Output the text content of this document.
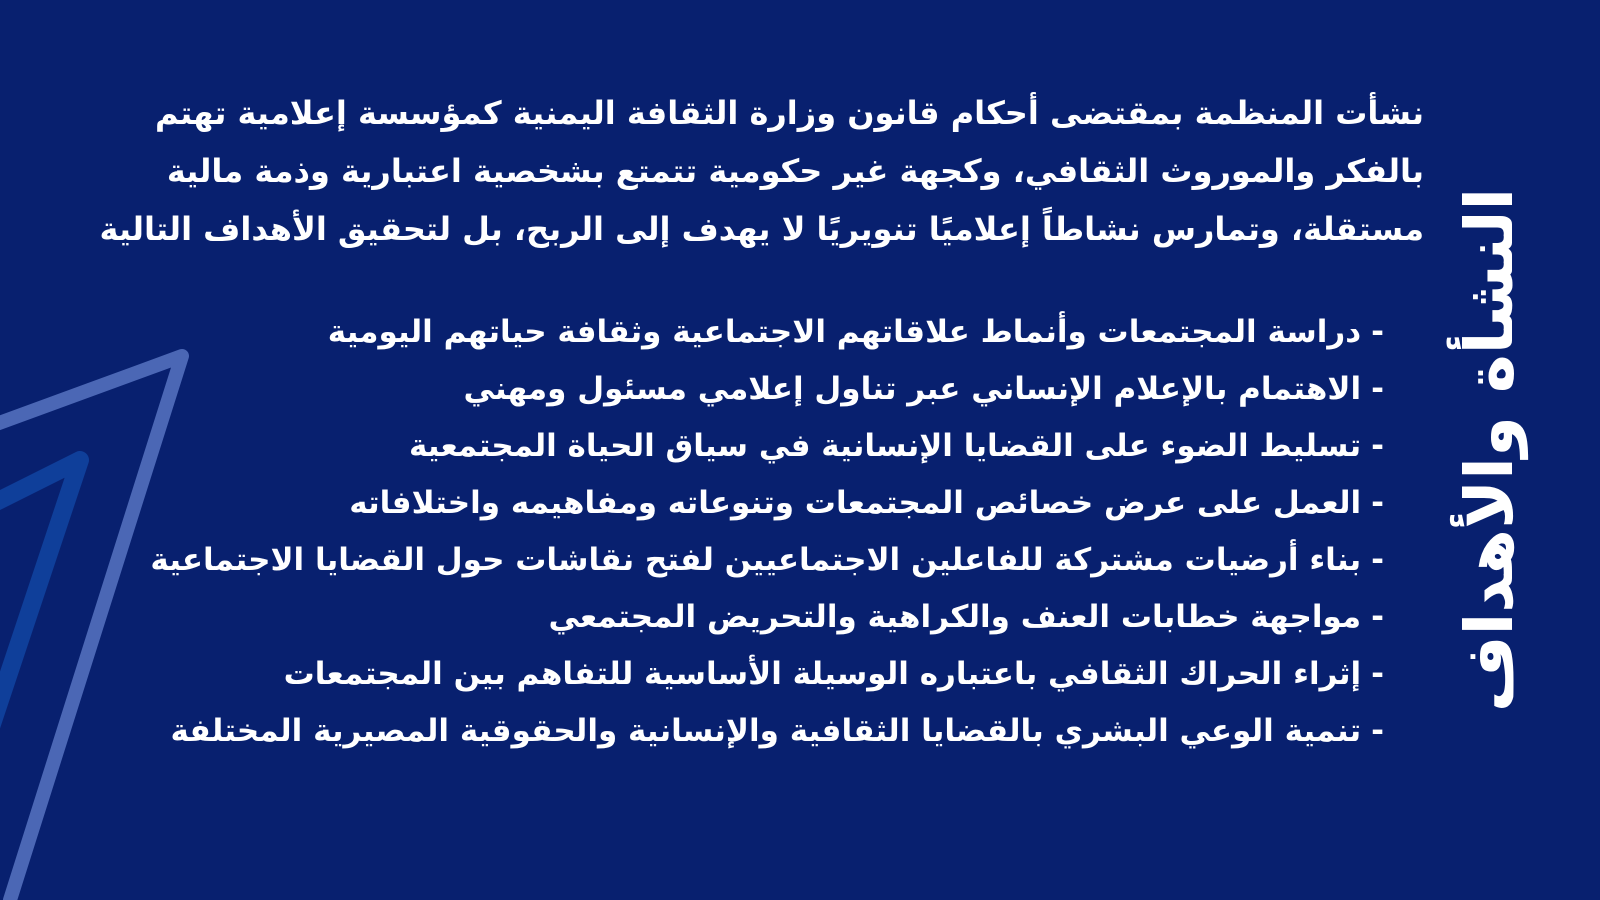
النشأة والأهداف

نشأت المنظمة بمقتضى أحكام قانون وزارة الثقافة اليمنية كمؤسسة إعلامية تهتم بالفكر والموروث الثقافي، وكجهة غير حكومية تتمتع بشخصية اعتبارية وذمة مالية مستقلة، وتمارس نشاطاً إعلاميًا تنويريًا لا يهدف إلى الربح، بل لتحقيق الأهداف التالية

-دراسة المجتمعات وأنماط علاقاتهم الاجتماعية وثقافة حياتهم اليومية
-الاهتمام بالإعلام الإنساني عبر تناول إعلامي مسئول ومهني
-تسليط الضوء على القضايا الإنسانية في سياق الحياة المجتمعية
-العمل على عرض خصائص المجتمعات وتنوعاته ومفاهيمه واختلافاته
-بناء أرضيات مشتركة للفاعلين الاجتماعيين لفتح نقاشات حول القضايا الاجتماعية
-مواجهة خطابات العنف والكراهية والتحريض المجتمعي
-إثراء الحراك الثقافي باعتباره الوسيلة الأساسية للتفاهم بين المجتمعات
-تنمية الوعي البشري بالقضايا الثقافية والإنسانية والحقوقية المصيرية المختلفة
